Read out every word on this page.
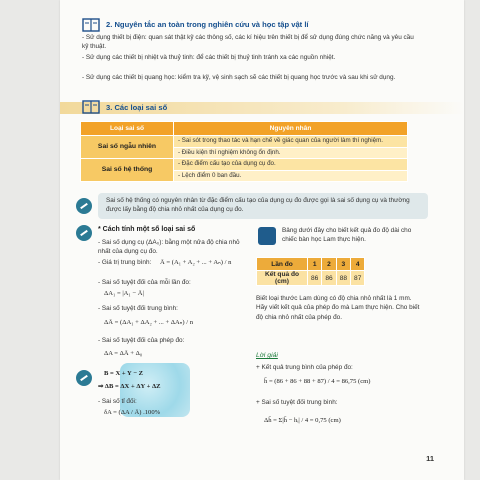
2. Nguyên tắc an toàn trong nghiên cứu và học tập vật lí
- Sử dụng thiết bị điện: quan sát thật kỹ các thông số, các kí hiệu trên thiết bị để sử dụng đúng chức năng và yêu cầu kỹ thuật.
- Sử dụng các thiết bị nhiệt và thuỷ tinh: để các thiết bị thuỷ tinh tránh xa các nguồn nhiệt.
- Sử dụng các thiết bị quang học: kiểm tra kỹ, vệ sinh sạch sẽ các thiết bị quang học trước và sau khi sử dụng.
3. Các loại sai số
Loại sai số	Nguyên nhân
Sai số ngẫu nhiên	- Sai sót trong thao tác và hạn chế về giác quan của người làm thí nghiệm.
	- Điều kiện thí nghiệm không ổn định.
Sai số hệ thống	- Đặc điểm cấu tạo của dụng cụ đo.
	- Lệch điểm 0 ban đầu.
Sai số hệ thống có nguyên nhân từ đặc điểm cấu tạo của dụng cụ đo được gọi là sai số dụng cụ và thường được lấy bằng độ chia nhỏ nhất của dụng cụ đo.
* Cách tính một số loại sai số
- Sai số dụng cụ (ΔA₀): bằng một nửa độ chia nhỏ nhất của dụng cụ đo.
- Giá trị trung bình: Ā = (A₁ + A₂ + ... + Aₙ) / n
- Sai số tuyệt đối của mỗi lần đo:
ΔA₁ = |A₁ − Ā|
- Sai số tuyệt đối trung bình:
ΔĀ = (ΔA₁ + ΔA₂ + ... + ΔAₙ) / n
- Sai số tuyệt đối của phép đo:
ΔA = ΔĀ + Δ₀
B = X + Y − Z
⇒ ΔB = ΔX + ΔY + ΔZ
- Sai số tỉ đối:
δA = (ΔA / Ā) .100%
Bảng dưới đây cho biết kết quả đo độ dài cho chiếc bàn học Lam thực hiện.
Lần đo	1	2	3	4
Kết quả đo (cm)	86	86	88	87
Biết loại thước Lam dùng có độ chia nhỏ nhất là 1 mm. Hãy viết kết quả của phép đo mà Lam thực hiện. Cho biết độ chia nhỏ nhất của phép đo.
Lời giải
+ Kết quả trung bình của phép đo:
h̄ = (86 + 86 + 88 + 87) / 4 = 86,75 (cm)
+ Sai số tuyệt đối trung bình:
Δh̄ = Σ|h̄ − hᵢ| / 4 = 0,75 (cm)
11
